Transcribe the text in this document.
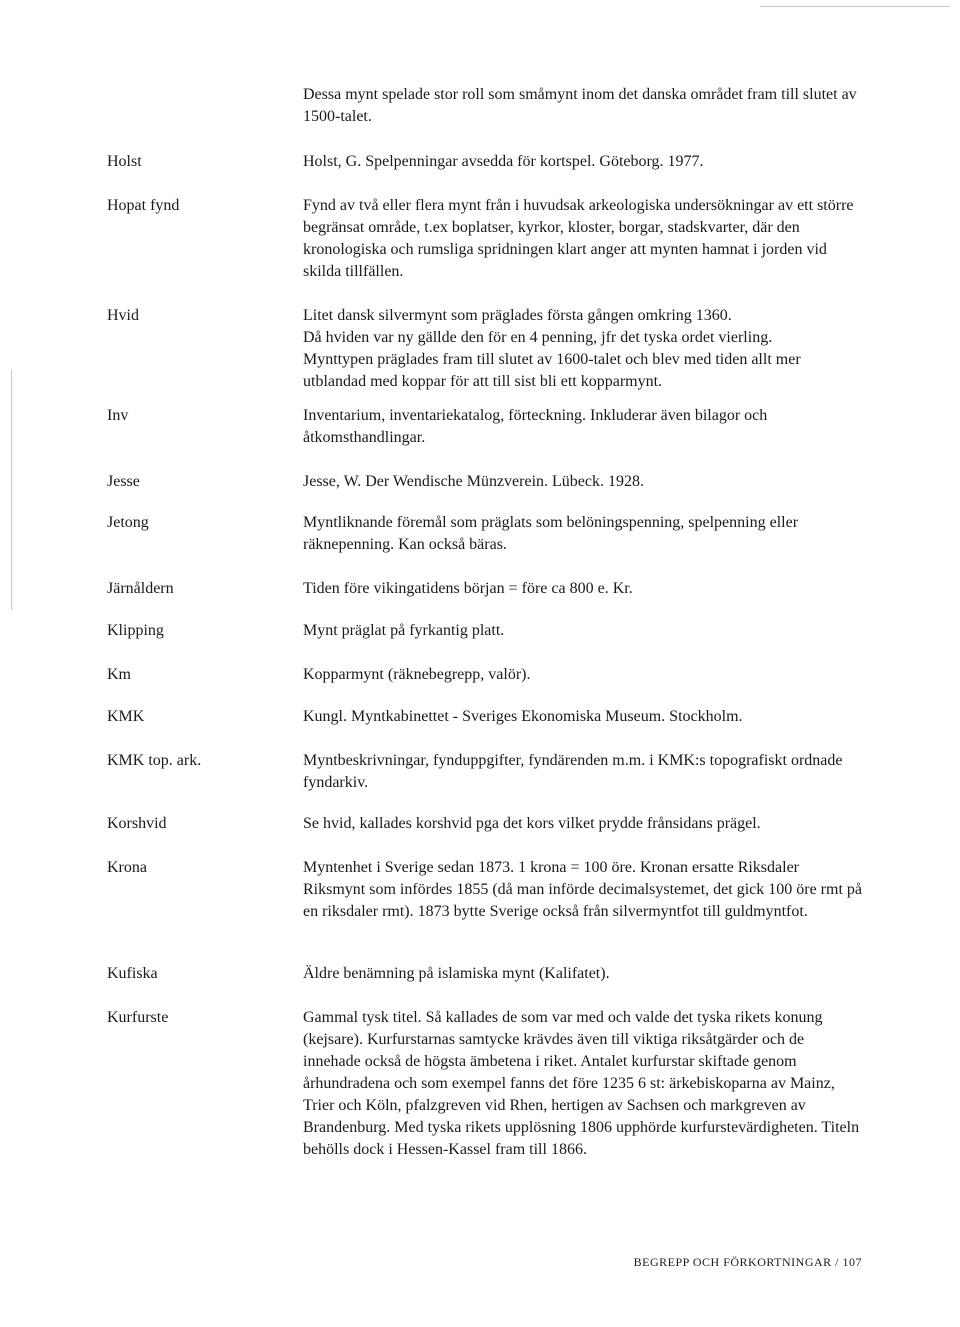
Dessa mynt spelade stor roll som småmynt inom det danska området fram till slutet av 1500-talet.
Holst	Holst, G. Spelpenningar avsedda för kortspel. Göteborg. 1977.

Hopat fynd	Fynd av två eller flera mynt från i huvudsak arkeologiska undersökningar av ett större begränsat område, t.ex boplatser, kyrkor, kloster, borgar, stadskvarter, där den kronologiska och rumsliga spridningen klart anger att mynten hamnat i jorden vid skilda tillfällen.

Hvid	Litet dansk silvermynt som präglades första gången omkring 1360.

Då hviden var ny gällde den för en 4 penning, jfr det tyska ordet vierling.

Mynttypen präglades fram till slutet av 1600-talet och blev med tiden allt mer utblandad med koppar för att till sist bli ett kopparmynt.

Inv	Inventarium, inventariekatalog, förteckning. Inkluderar även bilagor och åtkomsthandlingar.

Jesse	Jesse, W. Der Wendische Münzverein. Lübeck. 1928.

Jetong	Myntliknande föremål som präglats som belöningspenning, spelpenning eller räknepenning. Kan också bäras.

Järnåldern	Tiden före vikingatidens början = före ca 800 e. Kr.

Klipping	Mynt präglat på fyrkantig platt.

Km	Kopparmynt (räknebegrepp, valör).

KMK	Kungl. Myntkabinettet - Sveriges Ekonomiska Museum. Stockholm.

KMK top. ark.	Myntbeskrivningar, fynduppgifter, fyndärenden m.m. i KMK:s topografiskt ordnade fyndarkiv.

Korshvid	Se hvid, kallades korshvid pga det kors vilket prydde frånsidans prägel.

Krona	Myntenhet i Sverige sedan 1873. 1 krona = 100 öre. Kronan ersatte Riksdaler Riksmynt som infördes 1855 (då man införde decimalsystemet, det gick 100 öre rmt på en riksdaler rmt). 1873 bytte Sverige också från silvermyntfot till guldmyntfot.

Kufiska	Äldre benämning på islamiska mynt (Kalifatet).

Kurfurste	Gammal tysk titel. Så kallades de som var med och valde det tyska rikets konung (kejsare). Kurfurstarnas samtycke krävdes även till viktiga riksåtgärder och de innehade också de högsta ämbetena i riket. Antalet kurfurstar skiftade genom århundradena och som exempel fanns det före 1235 6 st: ärkebiskoparna av Mainz, Trier och Köln, pfalzgreven vid Rhen, hertigen av Sachsen och markgreven av Brandenburg. Med tyska rikets upplösning 1806 upphörde kurfurstevärdigheten. Titeln behölls dock i Hessen-Kassel fram till 1866.

BEGREPP OCH FÖRKORTNINGAR / 107
